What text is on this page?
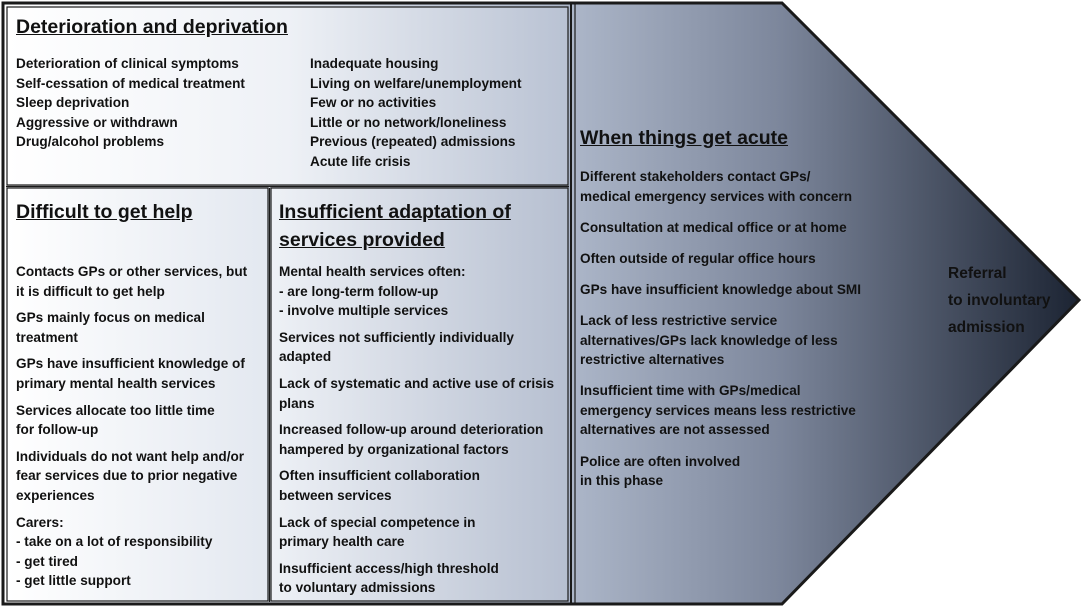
Deterioration and deprivation
Deterioration of clinical symptoms
Self-cessation of medical treatment
Sleep deprivation
Aggressive or withdrawn
Drug/alcohol problems
Inadequate housing
Living on welfare/unemployment
Few or no activities
Little or no network/loneliness
Previous (repeated) admissions
Acute life crisis
Difficult to get help
Contacts GPs or other services, but
it is difficult to get help
GPs mainly focus on medical
treatment
GPs have insufficient knowledge of
primary mental health services
Services allocate too little time
for follow-up
Individuals do not want help and/or
fear services due to prior negative
experiences
Carers:
- take on a lot of responsibility
- get tired
- get little support
Insufficient adaptation of
services provided
Mental health services often:
- are long-term follow-up
- involve multiple services
Services not sufficiently individually
adapted
Lack of systematic and active use of crisis
plans
Increased follow-up around deterioration
hampered by organizational factors
Often insufficient collaboration
between services
Lack of special competence in
primary health care
Insufficient access/high threshold
to voluntary admissions
When things get acute
Different stakeholders contact GPs/
medical emergency services with concern
Consultation at medical office or at home
Often outside of regular office hours
GPs have insufficient knowledge about SMI
Lack of less restrictive service
alternatives/GPs lack knowledge of less
restrictive alternatives
Insufficient time with GPs/medical
emergency services means less restrictive
alternatives are not assessed
Police are often involved
in this phase
Referral
to involuntary
admission
